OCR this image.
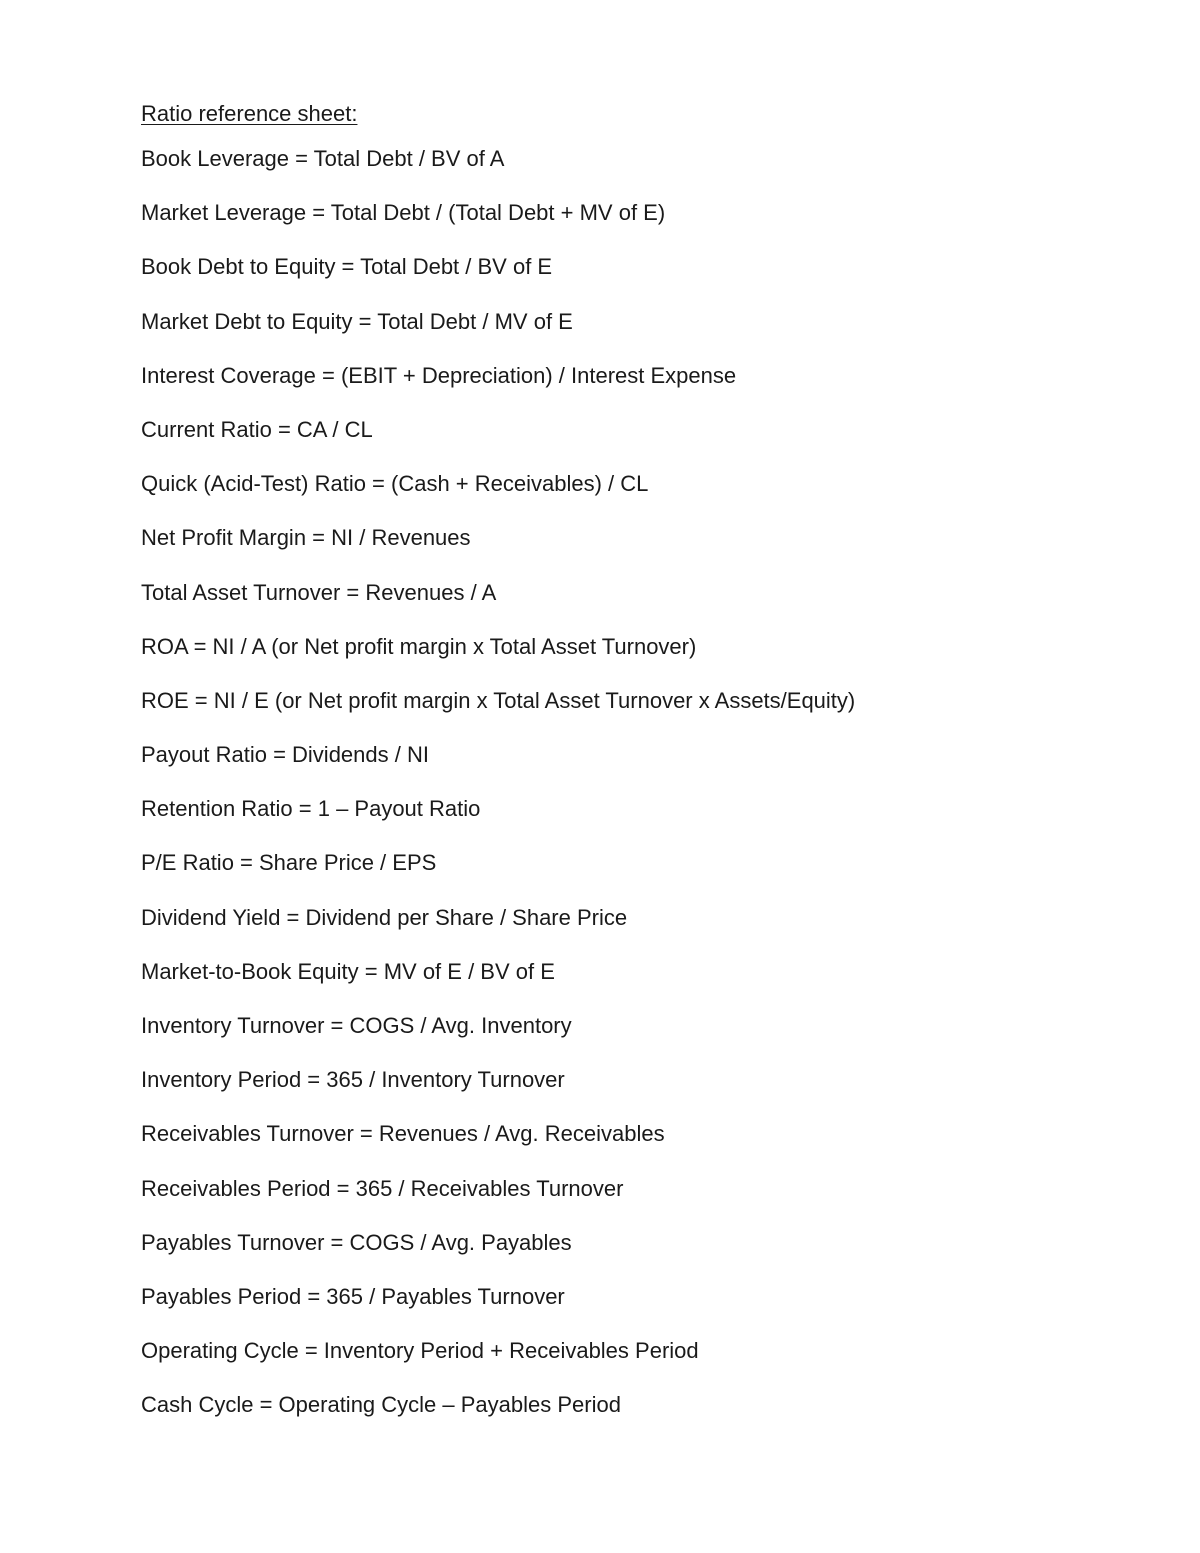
Ratio reference sheet:
Book Leverage = Total Debt / BV of A
Market Leverage = Total Debt / (Total Debt + MV of E)
Book Debt to Equity = Total Debt / BV of E
Market Debt to Equity = Total Debt / MV of E
Interest Coverage = (EBIT + Depreciation) / Interest Expense
Current Ratio = CA / CL
Quick (Acid-Test) Ratio = (Cash + Receivables) / CL
Net Profit Margin = NI / Revenues
Total Asset Turnover = Revenues / A
ROA = NI / A (or Net profit margin x Total Asset Turnover)
ROE = NI / E (or Net profit margin x Total Asset Turnover x Assets/Equity)
Payout Ratio = Dividends / NI
Retention Ratio = 1 – Payout Ratio
P/E Ratio = Share Price / EPS
Dividend Yield = Dividend per Share / Share Price
Market-to-Book Equity = MV of E / BV of E
Inventory Turnover = COGS / Avg. Inventory
Inventory Period = 365 / Inventory Turnover
Receivables Turnover = Revenues / Avg. Receivables
Receivables Period = 365 / Receivables Turnover
Payables Turnover = COGS / Avg. Payables
Payables Period = 365 / Payables Turnover
Operating Cycle = Inventory Period + Receivables Period
Cash Cycle = Operating Cycle – Payables Period
